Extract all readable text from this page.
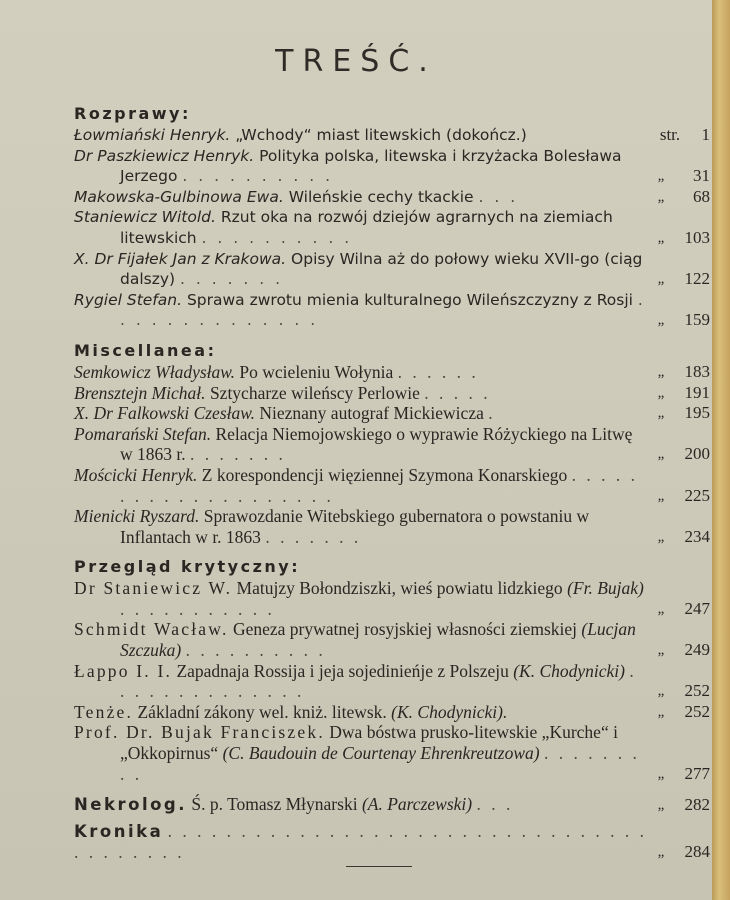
TREŚĆ.
Rozprawy:
Łowmiański Henryk. „Wchody“ miast litewskich (dokończ.)	str.	1
Dr Paszkiewicz Henryk. Polityka polska, litewska i krzyżacka Bolesława Jerzego . . . . . . . . . .	„	31
Makowska-Gulbinowa Ewa. Wileńskie cechy tkackie . . .	„	68
Staniewicz Witold. Rzut oka na rozwój dziejów agrarnych na ziemiach litewskich . . . . . . . . . .	„	103
X. Dr Fijałek Jan z Krakowa. Opisy Wilna aż do połowy wieku XVII-go (ciąg dalszy) . . . . . . .	„	122
Rygiel Stefan. Sprawa zwrotu mienia kulturalnego Wileńszczyzny z Rosji . . . . . . . . . . . . . .	„	159
Miscellanea:
Semkowicz Władysław. Po wcieleniu Wołynia . . . . . .	„	183
Brensztejn Michał. Sztycharze wileńscy Perlowie . . . . .	„	191
X. Dr Falkowski Czesław. Nieznany autograf Mickiewicza .	„	195
Pomarański Stefan. Relacja Niemojowskiego o wyprawie Różyckiego na Litwę w 1863 r. . . . . . . .	„	200
Mościcki Henryk. Z korespondencji więziennej Szymona Konarskiego . . . . . . . . . . . . . . . . . . . .	„	225
Mienicki Ryszard. Sprawozdanie Witebskiego gubernatora o powstaniu w Inflantach w r. 1863 . . . . . . .	„	234
Przegląd krytyczny:
Dr Staniewicz W. Matujzy Bołondziszki, wieś powiatu lidzkiego (Fr. Bujak) . . . . . . . . . . .	„	247
Schmidt Wacław. Geneza prywatnej rosyjskiej własności ziemskiej (Lucjan Szczuka) . . . . . . . . . .	„	249
Łappo I. I. Zapadnaja Rossija i jeja sojedinieńje z Polszeju (K. Chodynicki) . . . . . . . . . . . . . .	„	252
Tenże. Základní zákony wel. kniż. litewsk. (K. Chodynicki).	„	252
Prof. Dr. Bujak Franciszek. Dwa bóstwa prusko-litewskie „Kurche“ i „Okkopirnus“ (C. Baudouin de Courtenay Ehrenkreutzowa) . . . . . . . . .	„	277
Nekrolog. Ś. p. Tomasz Młynarski (A. Parczewski) . . .	„	282
Kronika . . . . . . . . . . . . . . . . . . . . . . . . . . . . . . . . . . . . . . . . .	„	284
